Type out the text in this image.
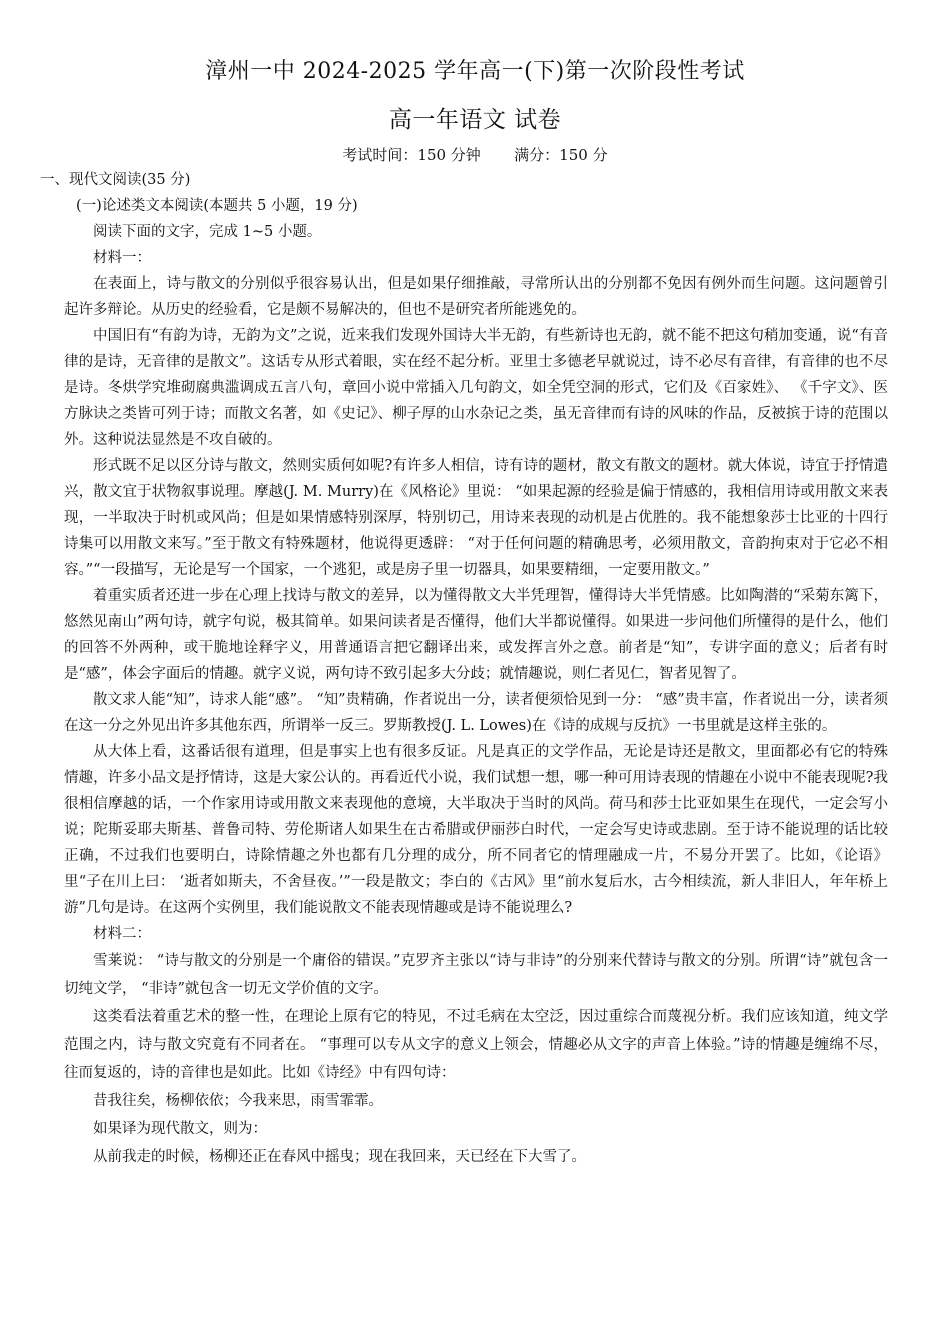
漳州一中 2024-2025 学年高一(下)第一次阶段性考试
高一年语文 试卷
考试时间：150 分钟       满分：150 分

一、现代文阅读(35 分)

(一)论述类文本阅读(本题共 5 小题，19 分)

阅读下面的文字，完成 1~5 小题。

材料一：

在表面上，诗与散文的分别似乎很容易认出，但是如果仔细推敲，寻常所认出的分别都不免因有例外而生问题。这问题曾引起许多辩论。从历史的经验看，它是颇不易解决的，但也不是研究者所能逃免的。

中国旧有“有韵为诗，无韵为文”之说，近来我们发现外国诗大半无韵，有些新诗也无韵，就不能不把这句稍加变通，说“有音律的是诗，无音律的是散文”。这话专从形式着眼，实在经不起分析。亚里士多德老早就说过，诗不必尽有音律，有音律的也不尽是诗。冬烘学究堆砌腐典滥调成五言八句，章回小说中常插入几句韵文，如全凭空洞的形式，它们及《百家姓》、 《千字文》、医方脉诀之类皆可列于诗；而散文名著，如《史记》、柳子厚的山水杂记之类，虽无音律而有诗的风味的作品，反被摈于诗的范围以外。这种说法显然是不攻自破的。

形式既不足以区分诗与散文，然则实质何如呢?有许多人相信，诗有诗的题材，散文有散文的题材。就大体说，诗宜于抒情遣兴，散文宜于状物叙事说理。摩越(J. M. Murry)在《风格论》里说： “如果起源的经验是偏于情感的，我相信用诗或用散文来表现，一半取决于时机或风尚；但是如果情感特别深厚，特别切己，用诗来表现的动机是占优胜的。我不能想象莎士比亚的十四行诗集可以用散文来写。”至于散文有特殊题材，他说得更透辟： “对于任何问题的精确思考，必须用散文，音韵拘束对于它必不相容。”“一段描写，无论是写一个国家，一个逃犯，或是房子里一切器具，如果要精细，一定要用散文。”

着重实质者还进一步在心理上找诗与散文的差异，以为懂得散文大半凭理智，懂得诗大半凭情感。比如陶潜的“采菊东篱下，悠然见南山”两句诗，就字句说，极其简单。如果问读者是否懂得，他们大半都说懂得。如果进一步问他们所懂得的是什么，他们的回答不外两种，或干脆地诠释字义，用普通语言把它翻译出来，或发挥言外之意。前者是“知”，专讲字面的意义；后者有时是“感”，体会字面后的情趣。就字义说，两句诗不致引起多大分歧；就情趣说，则仁者见仁，智者见智了。

散文求人能“知”，诗求人能“感”。 “知”贵精确，作者说出一分，读者便须恰见到一分： “感”贵丰富，作者说出一分，读者须在这一分之外见出许多其他东西，所谓举一反三。罗斯教授(J. L. Lowes)在《诗的成规与反抗》一书里就是这样主张的。

从大体上看，这番话很有道理，但是事实上也有很多反证。凡是真正的文学作品，无论是诗还是散文，里面都必有它的特殊情趣，许多小品文是抒情诗，这是大家公认的。再看近代小说，我们试想一想，哪一种可用诗表现的情趣在小说中不能表现呢?我很相信摩越的话，一个作家用诗或用散文来表现他的意境，大半取决于当时的风尚。荷马和莎士比亚如果生在现代，一定会写小说；陀斯妥耶夫斯基、普鲁司特、劳伦斯诸人如果生在古希腊或伊丽莎白时代，一定会写史诗或悲剧。至于诗不能说理的话比较正确，不过我们也要明白，诗除情趣之外也都有几分理的成分，所不同者它的情理融成一片，不易分开罢了。比如，《论语》里“子在川上曰： ‘逝者如斯夫，不舍昼夜。’”一段是散文；李白的《古风》里“前水复后水，古今相续流，新人非旧人，年年桥上游”几句是诗。在这两个实例里，我们能说散文不能表现情趣或是诗不能说理么?

材料二：

雪莱说： “诗与散文的分别是一个庸俗的错误。”克罗齐主张以“诗与非诗”的分别来代替诗与散文的分别。所谓“诗”就包含一切纯文学， “非诗”就包含一切无文学价值的文字。

这类看法着重艺术的整一性，在理论上原有它的特见，不过毛病在太空泛，因过重综合而蔑视分析。我们应该知道，纯文学范围之内，诗与散文究竟有不同者在。 “事理可以专从文字的意义上领会，情趣必从文字的声音上体验。”诗的情趣是缠绵不尽，往而复返的，诗的音律也是如此。比如《诗经》中有四句诗：

昔我往矣，杨柳依依；今我来思，雨雪霏霏。

如果译为现代散文，则为：

从前我走的时候，杨柳还正在春风中摇曳；现在我回来，天已经在下大雪了。
